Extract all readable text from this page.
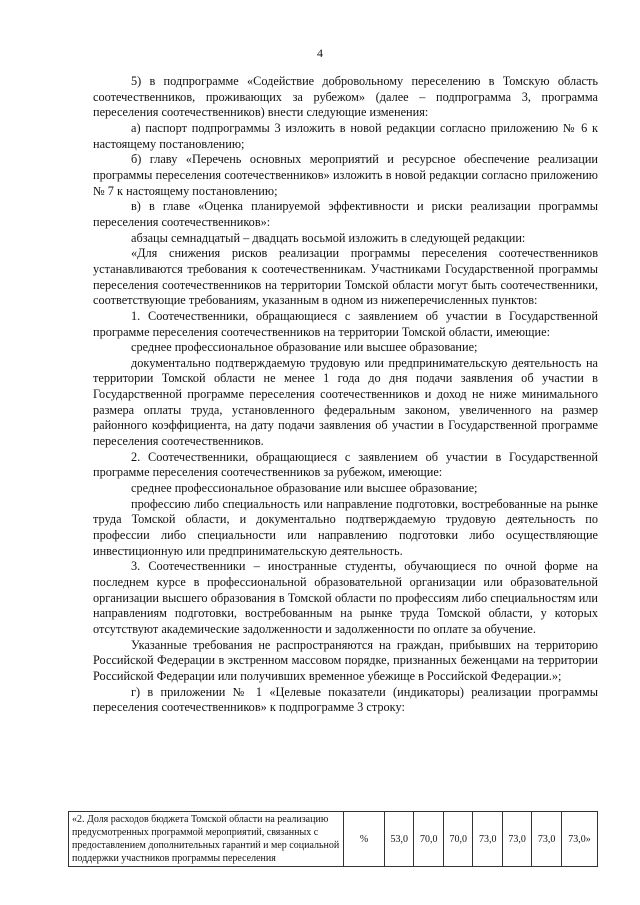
4

5) в подпрограмме «Содействие добровольному переселению в Томскую область соотечественников, проживающих за рубежом» (далее – подпрограмма 3, программа переселения соотечественников) внести следующие изменения:

а) паспорт подпрограммы 3 изложить в новой редакции согласно приложению № 6 к настоящему постановлению;

б) главу «Перечень основных мероприятий и ресурсное обеспечение реализации программы переселения соотечественников» изложить в новой редакции согласно приложению № 7 к настоящему постановлению;

в) в главе «Оценка планируемой эффективности и риски реализации программы переселения соотечественников»:

абзацы семнадцатый – двадцать восьмой изложить в следующей редакции:

«Для снижения рисков реализации программы переселения соотечественников устанавливаются требования к соотечественникам. Участниками Государственной программы переселения соотечественников на территории Томской области могут быть соотечественники, соответствующие требованиям, указанным в одном из нижеперечисленных пунктов:

1. Соотечественники, обращающиеся с заявлением об участии в Государственной программе переселения соотечественников на территории Томской области, имеющие:

среднее профессиональное образование или высшее образование;

документально подтверждаемую трудовую или предпринимательскую деятельность на территории Томской области не менее 1 года до дня подачи заявления об участии в Государственной программе переселения соотечественников и доход не ниже минимального размера оплаты труда, установленного федеральным законом, увеличенного на размер районного коэффициента, на дату подачи заявления об участии в Государственной программе переселения соотечественников.

2. Соотечественники, обращающиеся с заявлением об участии в Государственной программе переселения соотечественников за рубежом, имеющие:

среднее профессиональное образование или высшее образование;

профессию либо специальность или направление подготовки, востребованные на рынке труда Томской области, и документально подтверждаемую трудовую деятельность по профессии либо специальности или направлению подготовки либо осуществляющие инвестиционную или предпринимательскую деятельность.

3. Соотечественники – иностранные студенты, обучающиеся по очной форме на последнем курсе в профессиональной образовательной организации или образовательной организации высшего образования в Томской области по профессиям либо специальностям или направлениям подготовки, востребованным на рынке труда Томской области, у которых отсутствуют академические задолженности и задолженности по оплате за обучение.

Указанные требования не распространяются на граждан, прибывших на территорию Российской Федерации в экстренном массовом порядке, признанных беженцами на территории Российской Федерации или получивших временное убежище в Российской Федерации.»;

г) в приложении № 1 «Целевые показатели (индикаторы) реализации программы переселения соотечественников» к подпрограмме 3 строку:

«2. Доля расходов бюджета Томской области на реализацию предусмотренных программой мероприятий, связанных с предоставлением дополнительных гарантий и мер социальной поддержки участников программы переселения	%	53,0	70,0	70,0	73,0	73,0	73,0	73,0»
